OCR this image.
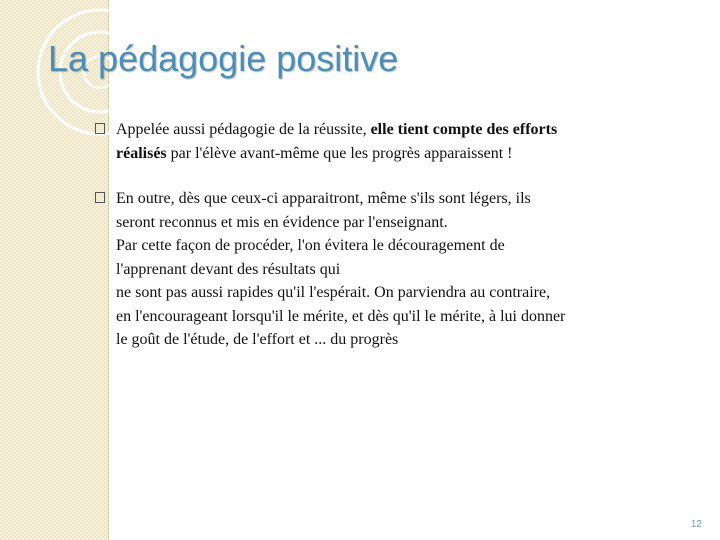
La pédagogie positive
Appelée aussi pédagogie de la réussite, elle tient compte des efforts
réalisés par l'élève avant-même que les progrès apparaissent !
En outre, dès que ceux-ci apparaitront, même s'ils sont légers, ils
seront reconnus et mis en évidence par l'enseignant.
Par cette façon de procéder, l'on évitera le découragement de
l'apprenant devant des résultats qui
ne sont pas aussi rapides qu'il l'espérait. On parviendra au contraire,
en l'encourageant lorsqu'il le mérite, et dès qu'il le mérite, à lui donner
le goût de l'étude, de l'effort et ... du progrès
12
